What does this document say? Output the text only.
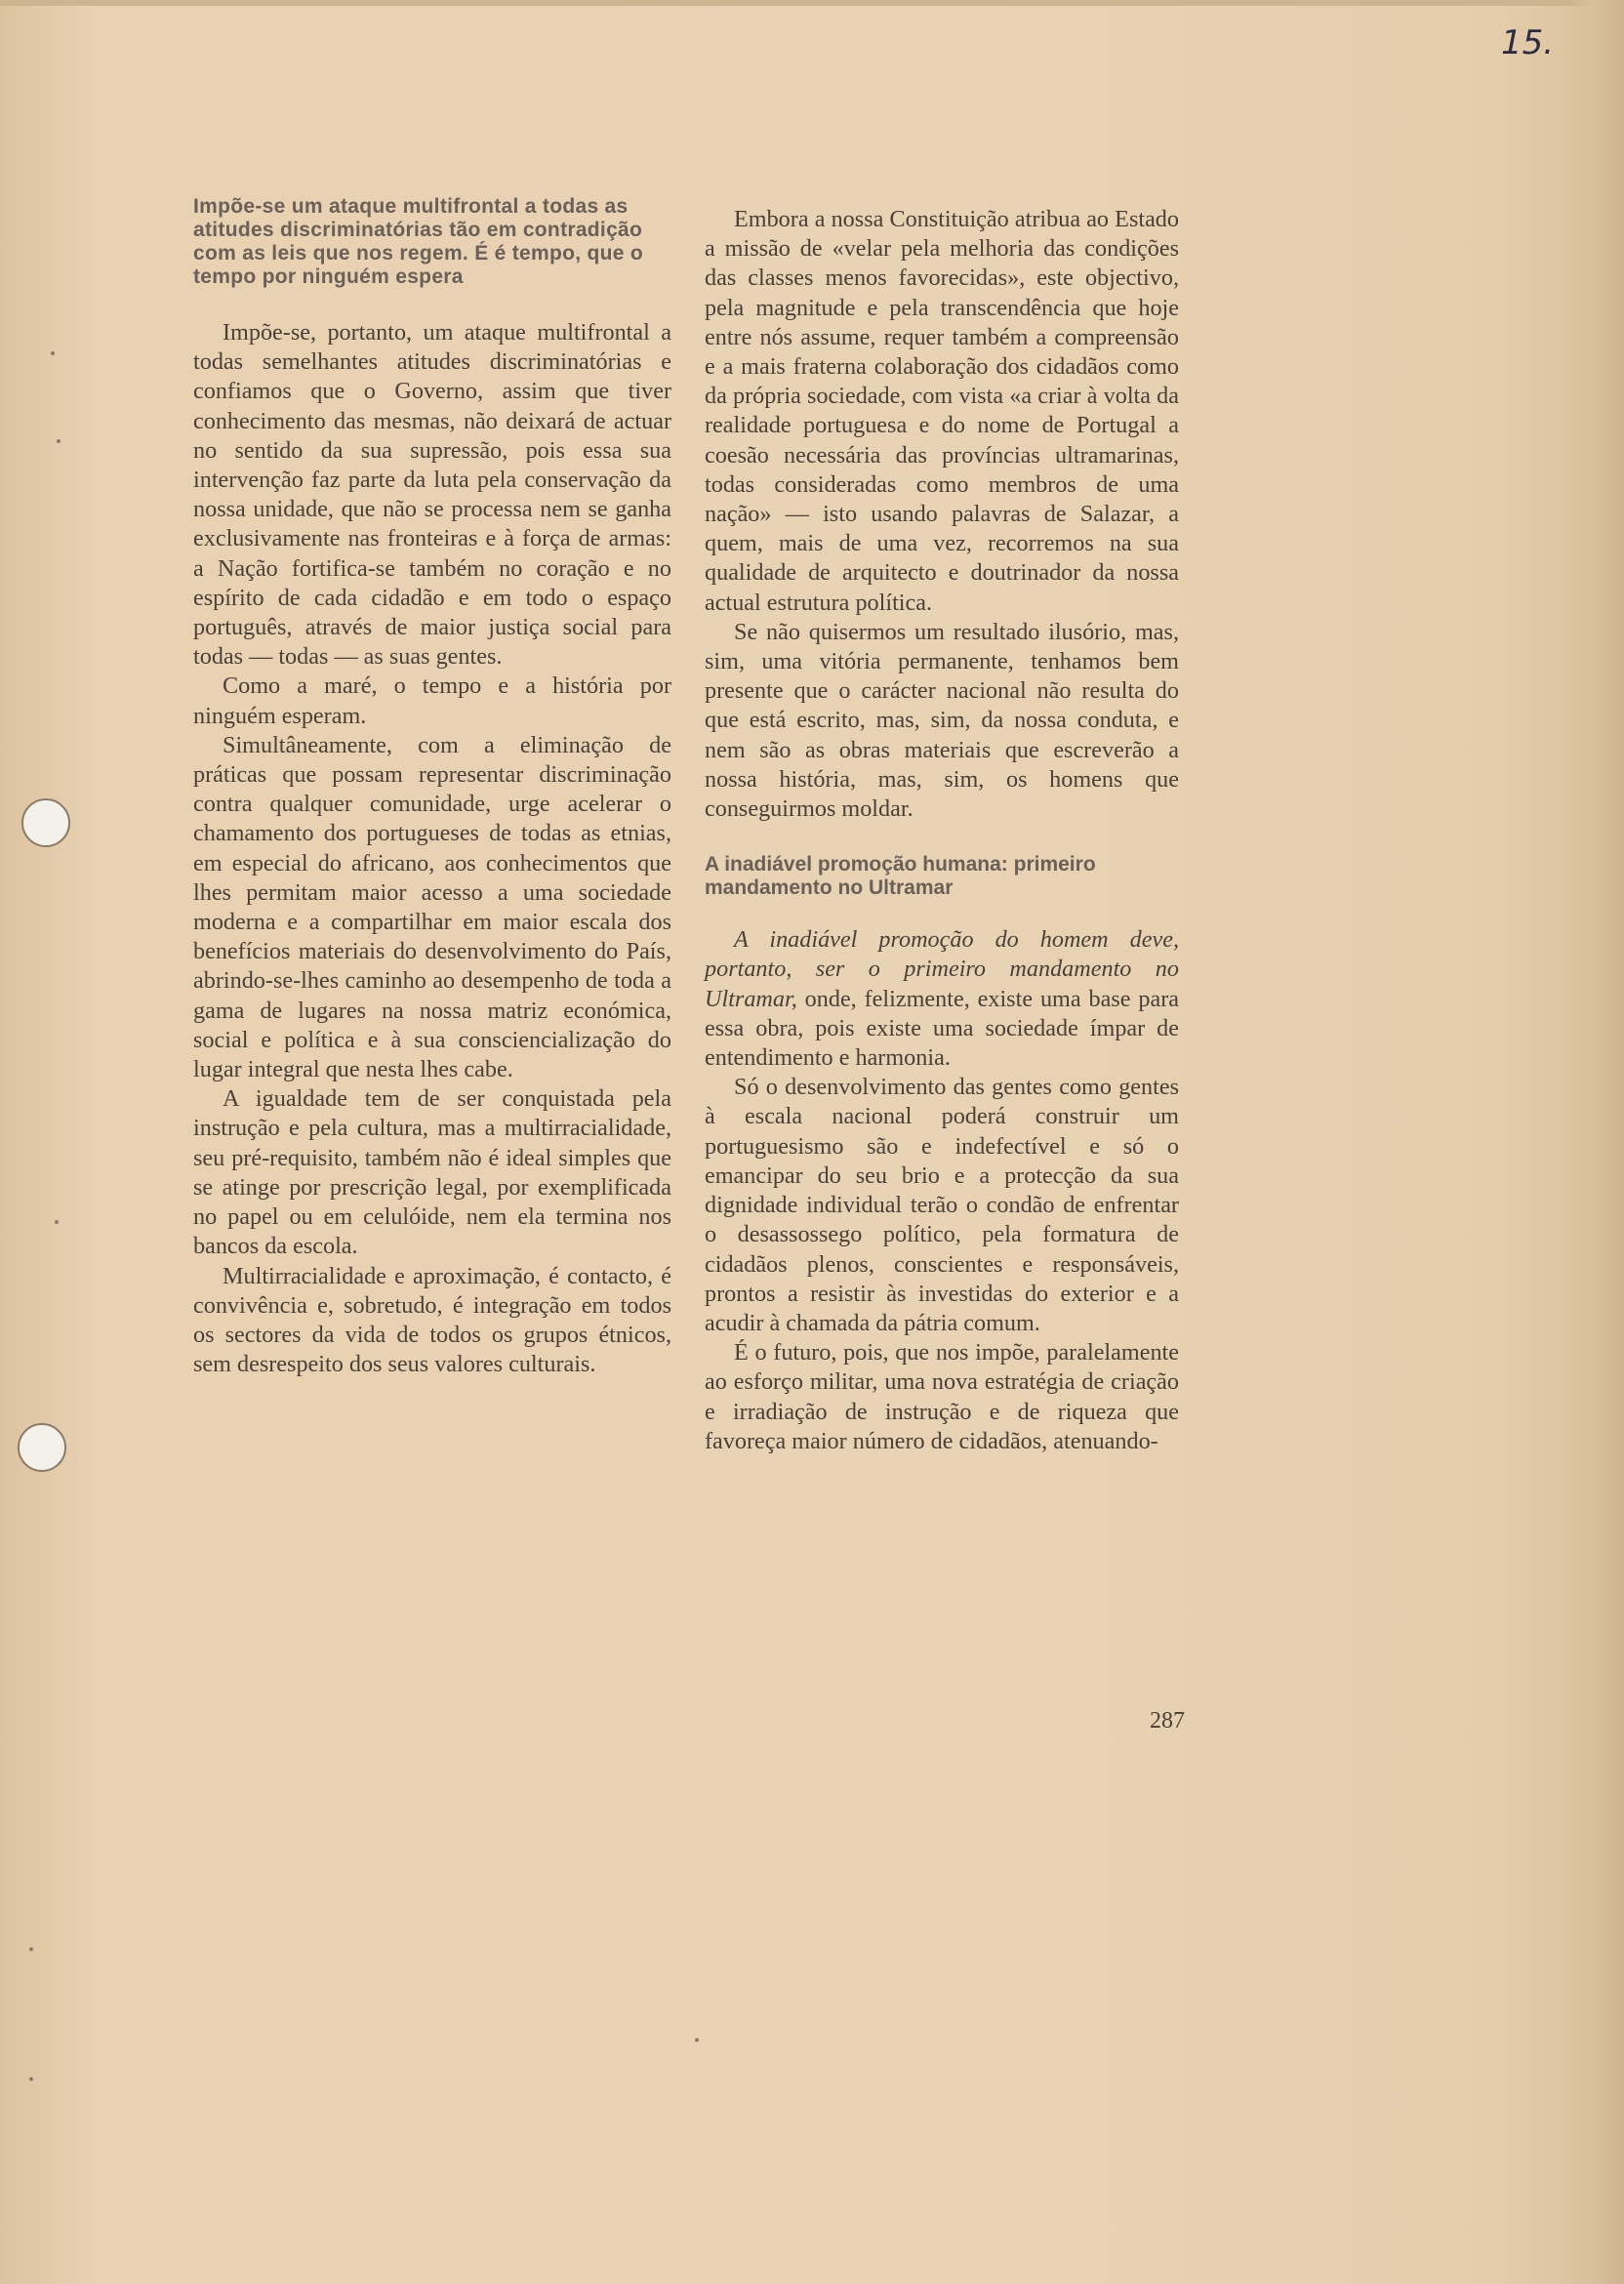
15.

Impõe-se um ataque multifrontal a todas as atitudes discriminatórias tão em contradição com as leis que nos regem. É é tempo, que o tempo por ninguém espera

Impõe-se, portanto, um ataque multifrontal a todas semelhantes atitudes discriminatórias e confiamos que o Governo, assim que tiver conhecimento das mesmas, não deixará de actuar no sentido da sua supressão, pois essa sua intervenção faz parte da luta pela conservação da nossa unidade, que não se processa nem se ganha exclusivamente nas fronteiras e à força de armas: a Nação fortifica-se também no coração e no espírito de cada cidadão e em todo o espaço português, através de maior justiça social para todas — todas — as suas gentes.

Como a maré, o tempo e a história por ninguém esperam.

Simultâneamente, com a eliminação de práticas que possam representar discriminação contra qualquer comunidade, urge acelerar o chamamento dos portugueses de todas as etnias, em especial do africano, aos conhecimentos que lhes permitam maior acesso a uma sociedade moderna e a compartilhar em maior escala dos benefícios materiais do desenvolvimento do País, abrindo-se-lhes caminho ao desempenho de toda a gama de lugares na nossa matriz económica, social e política e à sua consciencialização do lugar integral que nesta lhes cabe.

A igualdade tem de ser conquistada pela instrução e pela cultura, mas a multirracialidade, seu pré-requisito, também não é ideal simples que se atinge por prescrição legal, por exemplificada no papel ou em celulóide, nem ela termina nos bancos da escola.

Multirracialidade e aproximação, é contacto, é convivência e, sobretudo, é integração em todos os sectores da vida de todos os grupos étnicos, sem desrespeito dos seus valores culturais.

Embora a nossa Constituição atribua ao Estado a missão de «velar pela melhoria das condições das classes menos favorecidas», este objectivo, pela magnitude e pela transcendência que hoje entre nós assume, requer também a compreensão e a mais fraterna colaboração dos cidadãos como da própria sociedade, com vista «a criar à volta da realidade portuguesa e do nome de Portugal a coesão necessária das províncias ultramarinas, todas consideradas como membros de uma nação» — isto usando palavras de Salazar, a quem, mais de uma vez, recorremos na sua qualidade de arquitecto e doutrinador da nossa actual estrutura política.

Se não quisermos um resultado ilusório, mas, sim, uma vitória permanente, tenhamos bem presente que o carácter nacional não resulta do que está escrito, mas, sim, da nossa conduta, e nem são as obras materiais que escreverão a nossa história, mas, sim, os homens que conseguirmos moldar.

A inadiável promoção humana: primeiro mandamento no Ultramar

A inadiável promoção do homem deve, portanto, ser o primeiro mandamento no Ultramar, onde, felizmente, existe uma base para essa obra, pois existe uma sociedade ímpar de entendimento e harmonia.

Só o desenvolvimento das gentes como gentes à escala nacional poderá construir um portuguesismo são e indefectível e só o emancipar do seu brio e a protecção da sua dignidade individual terão o condão de enfrentar o desassossego político, pela formatura de cidadãos plenos, conscientes e responsáveis, prontos a resistir às investidas do exterior e a acudir à chamada da pátria comum.

É o futuro, pois, que nos impõe, paralelamente ao esforço militar, uma nova estratégia de criação e irradiação de instrução e de riqueza que favoreça maior número de cidadãos, atenuando-

287
